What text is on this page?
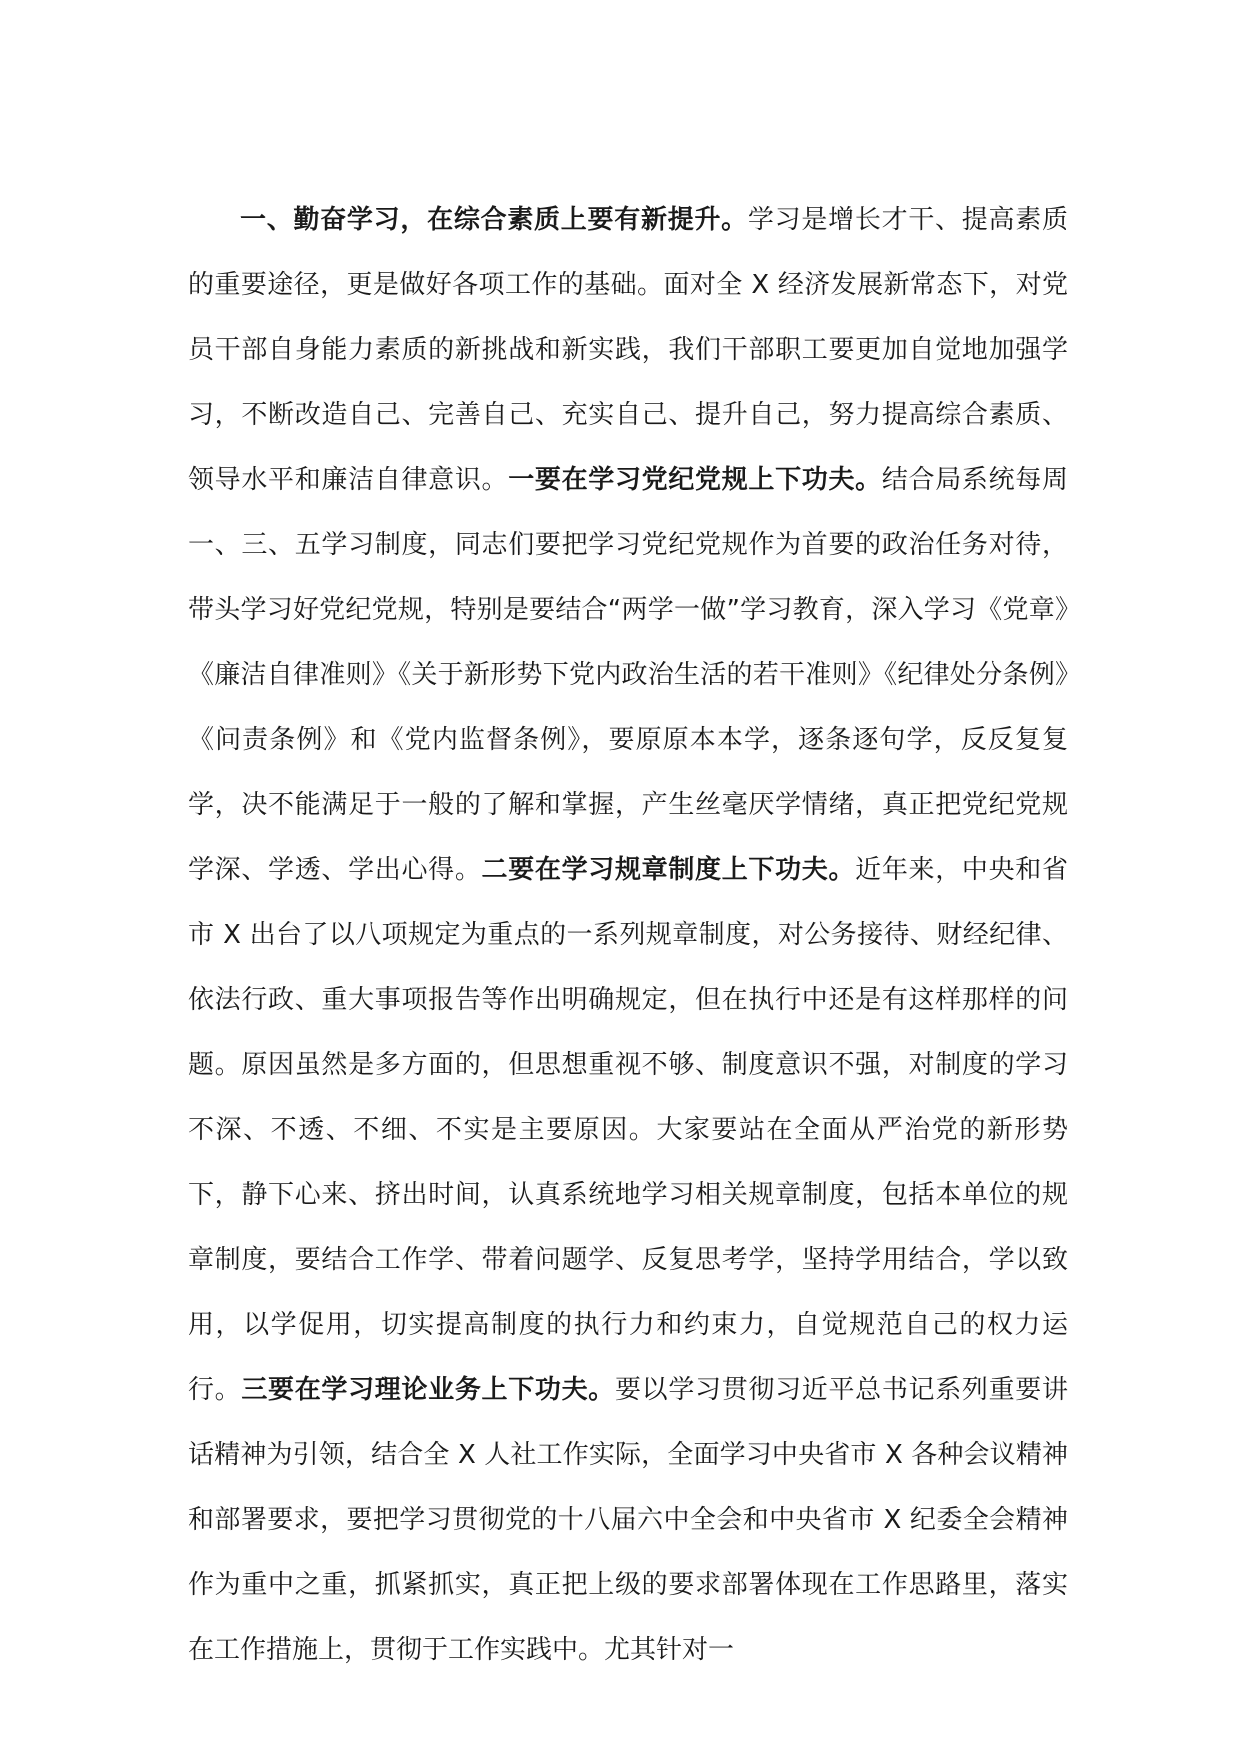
一、勤奋学习，在综合素质上要有新提升。学习是增长才干、提高素质的重要途径，更是做好各项工作的基础。面对全 X 经济发展新常态下，对党员干部自身能力素质的新挑战和新实践，我们干部职工要更加自觉地加强学习，不断改造自己、完善自己、充实自己、提升自己，努力提高综合素质、领导水平和廉洁自律意识。一要在学习党纪党规上下功夫。结合局系统每周一、三、五学习制度，同志们要把学习党纪党规作为首要的政治任务对待，带头学习好党纪党规，特别是要结合“两学一做”学习教育，深入学习《党章》《廉洁自律准则》《关于新形势下党内政治生活的若干准则》《纪律处分条例》《问责条例》和《党内监督条例》，要原原本本学，逐条逐句学，反反复复学，决不能满足于一般的了解和掌握，产生丝毫厌学情绪，真正把党纪党规学深、学透、学出心得。二要在学习规章制度上下功夫。近年来，中央和省市 X 出台了以八项规定为重点的一系列规章制度，对公务接待、财经纪律、依法行政、重大事项报告等作出明确规定，但在执行中还是有这样那样的问题。原因虽然是多方面的，但思想重视不够、制度意识不强，对制度的学习不深、不透、不细、不实是主要原因。大家要站在全面从严治党的新形势下，静下心来、挤出时间，认真系统地学习相关规章制度，包括本单位的规章制度，要结合工作学、带着问题学、反复思考学，坚持学用结合，学以致用，以学促用，切实提高制度的执行力和约束力，自觉规范自己的权力运行。三要在学习理论业务上下功夫。要以学习贯彻习近平总书记系列重要讲话精神为引领，结合全 X 人社工作实际，全面学习中央省市 X 各种会议精神和部署要求，要把学习贯彻党的十八届六中全会和中央省市 X 纪委全会精神作为重中之重，抓紧抓实，真正把上级的要求部署体现在工作思路里，落实在工作措施上，贯彻于工作实践中。尤其针对一
